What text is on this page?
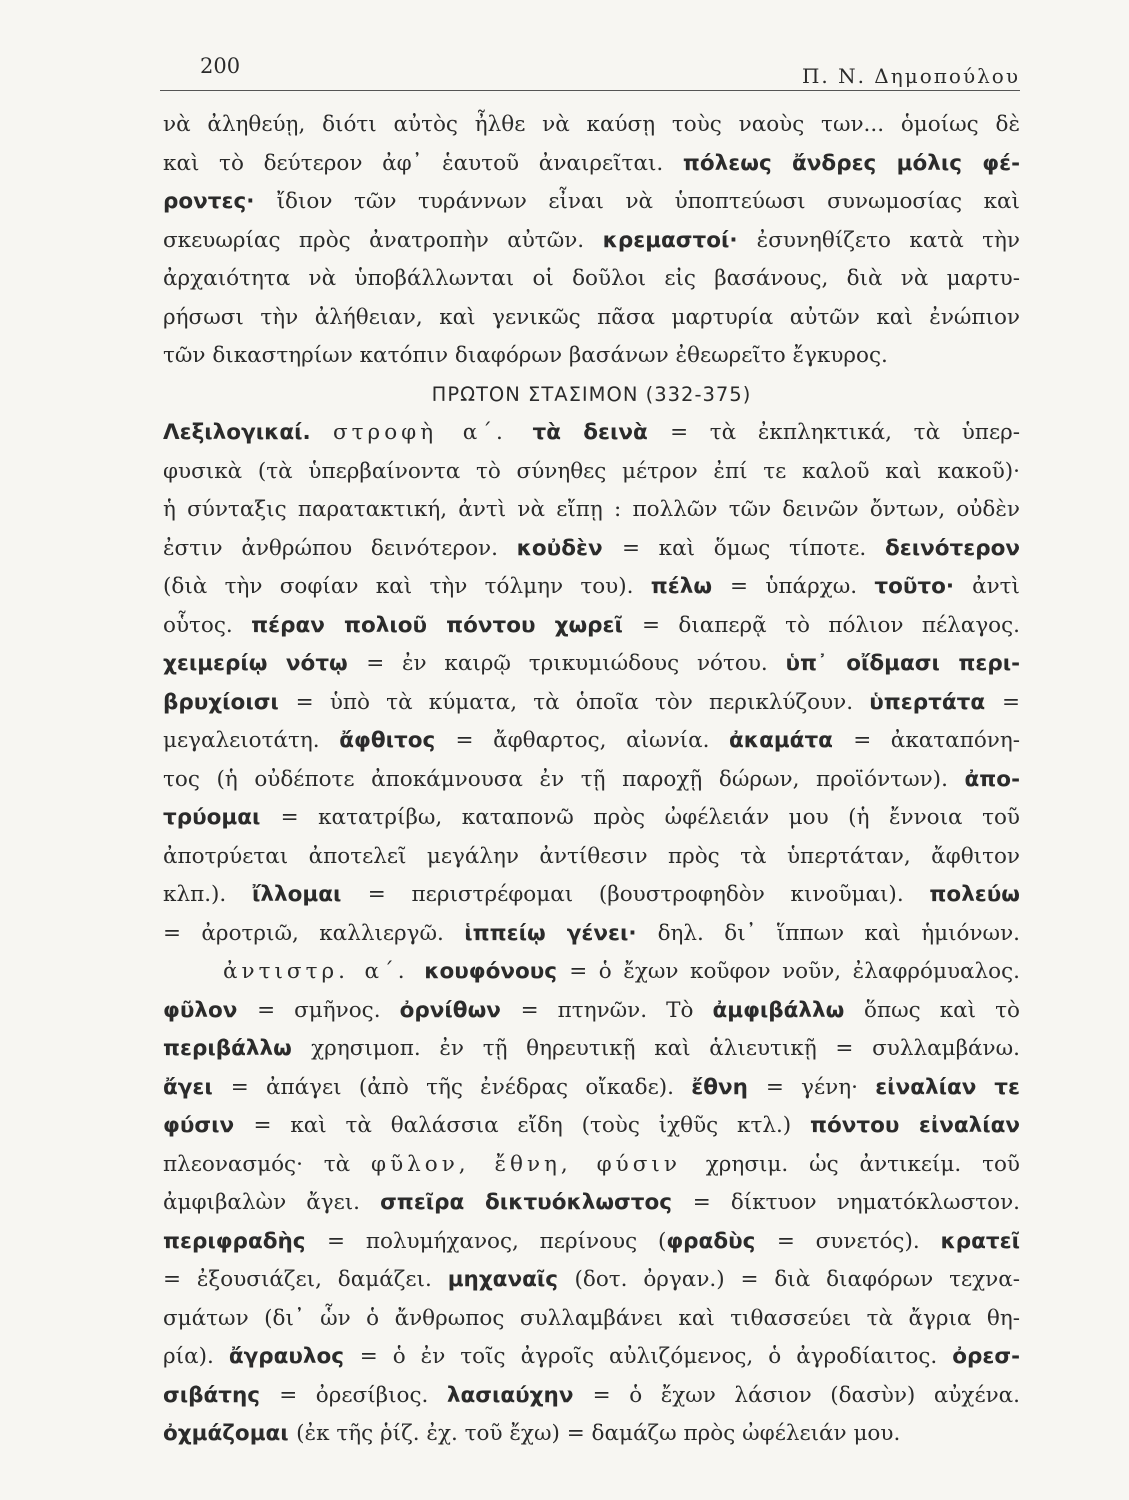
200	Π. Ν. Δημοπούλου
νὰ ἀληθεύῃ, διότι αὐτὸς ἦλθε νὰ καύσῃ τοὺς ναοὺς των... ὁμοίως δὲ
καὶ τὸ δεύτερον ἀφ᾽ ἑαυτοῦ ἀναιρεῖται. πόλεως ἄνδρες μόλις φέ-
ροντες· ἴδιον τῶν τυράννων εἶναι νὰ ὑποπτεύωσι συνωμοσίας καὶ
σκευωρίας πρὸς ἀνατροπὴν αὐτῶν. κρεμαστοί· ἐσυνηθίζετο κατὰ τὴν
ἀρχαιότητα νὰ ὑποβάλλωνται οἱ δοῦλοι εἰς βασάνους, διὰ νὰ μαρτυ-
ρήσωσι τὴν ἀλήθειαν, καὶ γενικῶς πᾶσα μαρτυρία αὐτῶν καὶ ἐνώπιον
τῶν δικαστηρίων κατόπιν διαφόρων βασάνων ἐθεωρεῖτο ἔγκυρος.
ΠΡΩΤΟΝ ΣΤΑΣΙΜΟΝ (332-375)
Λεξιλογικαί. στροφὴ α΄. τὰ δεινὰ = τὰ ἐκπληκτικά, τὰ ὑπερ-
φυσικὰ (τὰ ὑπερβαίνοντα τὸ σύνηθες μέτρον ἐπί τε καλοῦ καὶ κακοῦ)·
ἡ σύνταξις παρατακτική, ἀντὶ νὰ εἴπῃ : πολλῶν τῶν δεινῶν ὄντων, οὐδὲν
ἐστιν ἀνθρώπου δεινότερον. κοὐδὲν = καὶ ὅμως τίποτε. δεινότερον
(διὰ τὴν σοφίαν καὶ τὴν τόλμην του). πέλω = ὑπάρχω. τοῦτο· ἀντὶ
οὗτος. πέραν πολιοῦ πόντου χωρεῖ = διαπερᾷ τὸ πόλιον πέλαγος.
χειμερίῳ νότῳ = ἐν καιρῷ τρικυμιώδους νότου. ὑπ᾽ οἴδμασι περι-
βρυχίοισι = ὑπὸ τὰ κύματα, τὰ ὁποῖα τὸν περικλύζουν. ὑπερτάτα =
μεγαλειοτάτη. ἄφθιτος = ἄφθαρτος, αἰωνία. ἀκαμάτα = ἀκαταπόνη-
τος (ἡ οὐδέποτε ἀποκάμνουσα ἐν τῇ παροχῇ δώρων, προϊόντων). ἀπο-
τρύομαι = κατατρίβω, καταπονῶ πρὸς ὠφέλειάν μου (ἡ ἔννοια τοῦ
ἀποτρύεται ἀποτελεῖ μεγάλην ἀντίθεσιν πρὸς τὰ ὑπερτάταν, ἄφθιτον
κλπ.). ἴλλομαι = περιστρέφομαι (βουστροφηδὸν κινοῦμαι). πολεύω
= ἀροτριῶ, καλλιεργῶ. ἱππείῳ γένει· δηλ. δι᾽ ἵππων καὶ ἡμιόνων.
ἀντιστρ. α΄. κουφόνους = ὁ ἔχων κοῦφον νοῦν, ἐλαφρόμυαλος.
φῦλον = σμῆνος. ὀρνίθων = πτηνῶν. Τὸ ἀμφιβάλλω ὅπως καὶ τὸ
περιβάλλω χρησιμοπ. ἐν τῇ θηρευτικῇ καὶ ἁλιευτικῇ = συλλαμβάνω.
ἄγει = ἀπάγει (ἀπὸ τῆς ἐνέδρας οἴκαδε). ἔθνη = γένη· εἰναλίαν τε
φύσιν = καὶ τὰ θαλάσσια εἴδη (τοὺς ἰχθῦς κτλ.) πόντου εἰναλίαν
πλεονασμός· τὰ φῦλον, ἔθνη, φύσιν χρησιμ. ὡς ἀντικείμ. τοῦ
ἀμφιβαλὼν ἄγει. σπεῖρα δικτυόκλωστος = δίκτυον νηματόκλωστον.
περιφραδὴς = πολυμήχανος, περίνους (φραδὺς = συνετός). κρατεῖ
= ἐξουσιάζει, δαμάζει. μηχαναῖς (δοτ. ὀργαν.) = διὰ διαφόρων τεχνα-
σμάτων (δι᾽ ὧν ὁ ἄνθρωπος συλλαμβάνει καὶ τιθασσεύει τὰ ἄγρια θη-
ρία). ἄγραυλος = ὁ ἐν τοῖς ἀγροῖς αὐλιζόμενος, ὁ ἀγροδίαιτος. ὀρεσ-
σιβάτης = ὀρεσίβιος. λασιαύχην = ὁ ἔχων λάσιον (δασὺν) αὐχένα.
ὀχμάζομαι (ἐκ τῆς ῥίζ. ἐχ. τοῦ ἔχω) = δαμάζω πρὸς ὠφέλειάν μου.
